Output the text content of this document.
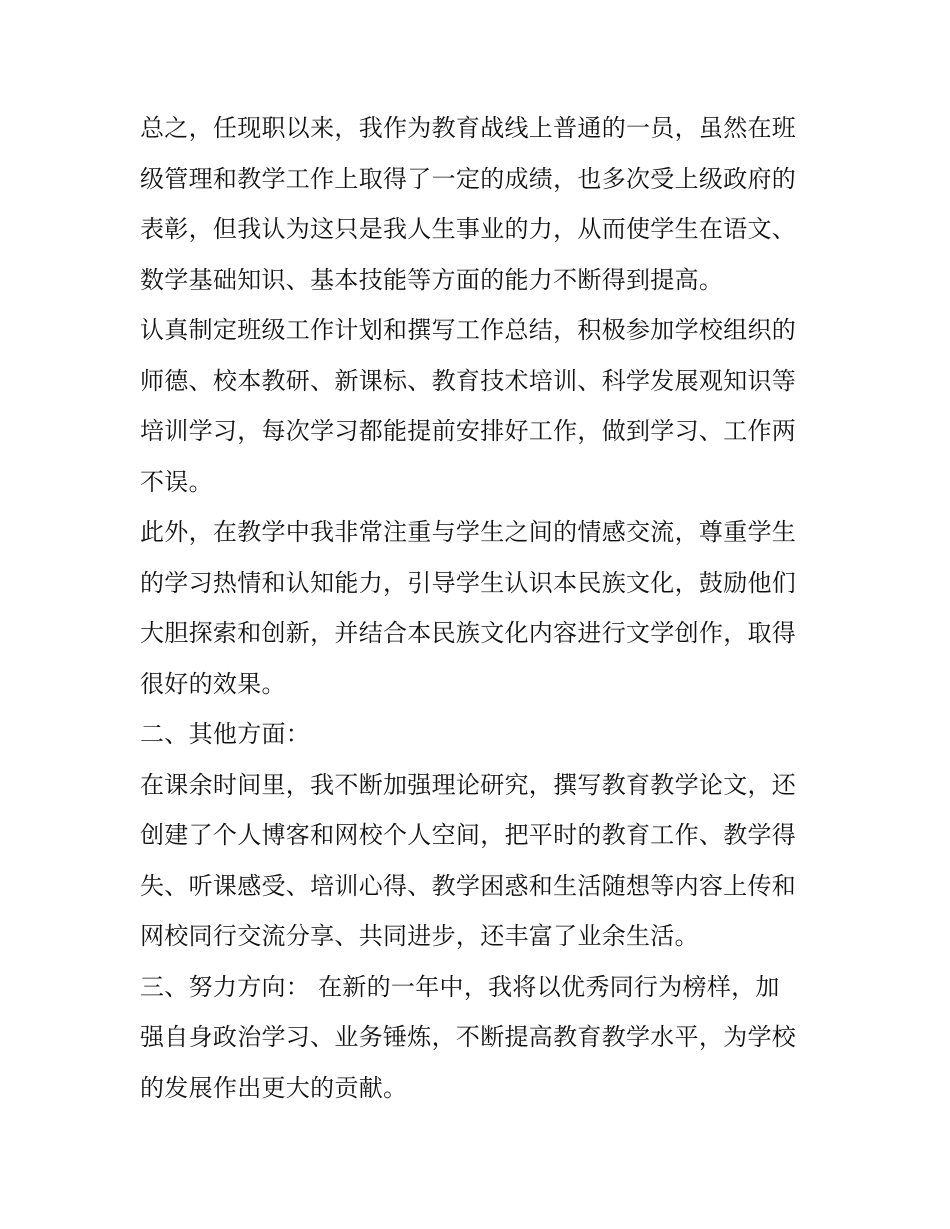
总之，任现职以来，我作为教育战线上普通的一员，虽然在班
级管理和教学工作上取得了一定的成绩，也多次受上级政府的
表彰，但我认为这只是我人生事业的力，从而使学生在语文、
数学基础知识、基本技能等方面的能力不断得到提高。

认真制定班级工作计划和撰写工作总结，积极参加学校组织的
师德、校本教研、新课标、教育技术培训、科学发展观知识等
培训学习，每次学习都能提前安排好工作，做到学习、工作两
不误。

此外，在教学中我非常注重与学生之间的情感交流，尊重学生
的学习热情和认知能力，引导学生认识本民族文化，鼓励他们
大胆探索和创新，并结合本民族文化内容进行文学创作，取得
很好的效果。

二、其他方面：

在课余时间里，我不断加强理论研究，撰写教育教学论文，还
创建了个人博客和网校个人空间，把平时的教育工作、教学得
失、听课感受、培训心得、教学困惑和生活随想等内容上传和
网校同行交流分享、共同进步，还丰富了业余生活。

三、努力方向： 在新的一年中，我将以优秀同行为榜样，加
强自身政治学习、业务锤炼，不断提高教育教学水平，为学校
的发展作出更大的贡献。
